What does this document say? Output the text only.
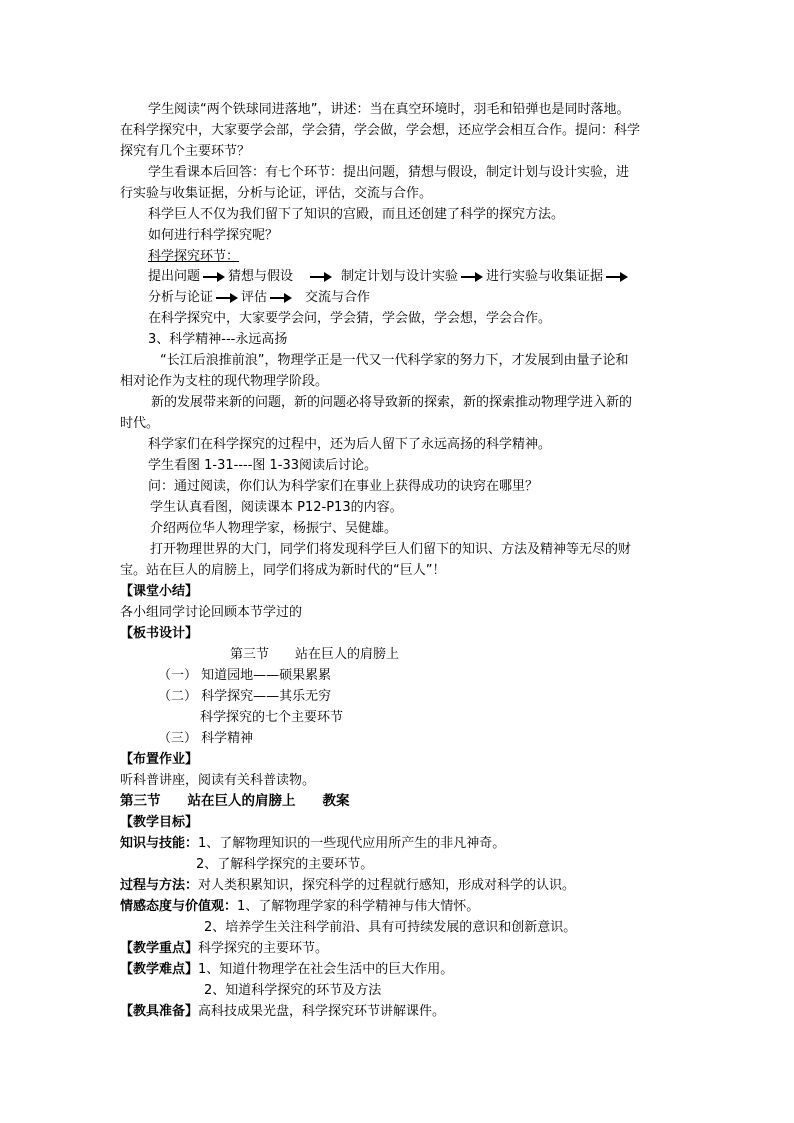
学生阅读“两个铁球同进落地”，讲述：当在真空环境时，羽毛和铅弹也是同时落地。
在科学探究中，大家要学会部，学会猜，学会做，学会想，还应学会相互合作。提问：科学
探究有几个主要环节？
学生看课本后回答：有七个环节：提出问题，猜想与假设，制定计划与设计实验，进
行实验与收集证据，分析与论证，评估，交流与合作。
科学巨人不仅为我们留下了知识的宫殿，而且还创建了科学的探究方法。
如何进行科学探究呢？
科学探究环节：
提出问题 猜想与假设	制定计划与设计实验 进行实验与收集证据
分析与论证 评估	交流与合作
在科学探究中，大家要学会问，学会猜，学会做，学会想，学会合作。
3、科学精神---永远高扬
“长江后浪推前浪”，物理学正是一代又一代科学家的努力下，才发展到由量子论和
相对论作为支柱的现代物理学阶段。
新的发展带来新的问题，新的问题必将导致新的探索，新的探索推动物理学进入新的
时代。
科学家们在科学探究的过程中，还为后人留下了永远高扬的科学精神。
学生看图 1-31----图 1-33阅读后讨论。
问：通过阅读，你们认为科学家们在事业上获得成功的诀窍在哪里？
学生认真看图，阅读课本 P12-P13的内容。
介绍两位华人物理学家，杨振宁、吴健雄。
打开物理世界的大门，同学们将发现科学巨人们留下的知识、方法及精神等无尽的财
宝。站在巨人的肩膀上，同学们将成为新时代的“巨人”！
【课堂小结】
各小组同学讨论回顾本节学过的
【板书设计】
第三节　　站在巨人的肩膀上
（一） 知道园地——硕果累累
（二） 科学探究——其乐无穷
科学探究的七个主要环节
（三） 科学精神
【布置作业】
听科普讲座，阅读有关科普读物。
第三节　　站在巨人的肩膀上　　教案
【教学目标】
知识与技能：1、了解物理知识的一些现代应用所产生的非凡神奇。
2、了解科学探究的主要环节。
过程与方法：对人类积累知识，探究科学的过程就行感知，形成对科学的认识。
情感态度与价值观：1、了解物理学家的科学精神与伟大情怀。
2、培养学生关注科学前沿、具有可持续发展的意识和创新意识。
【教学重点】科学探究的主要环节。
【教学难点】1、知道什物理学在社会生活中的巨大作用。
2、知道科学探究的环节及方法
【教具准备】高科技成果光盘，科学探究环节讲解课件。
